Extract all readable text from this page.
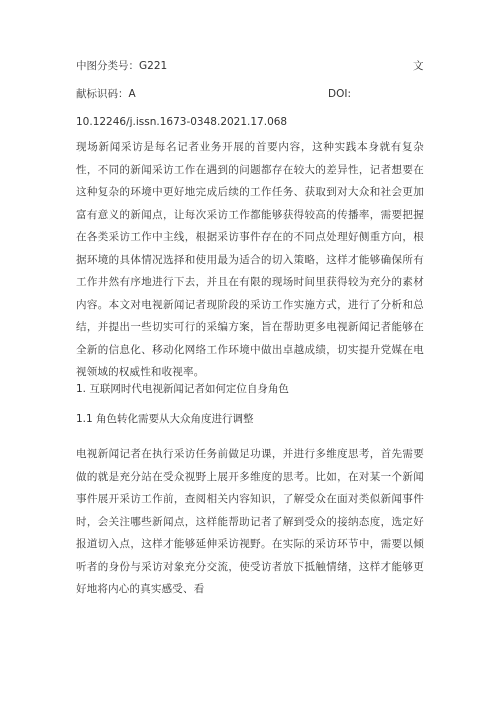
中图分类号：G221	文
献标识码：A	DOI:
10.12246/j.issn.1673-0348.2021.17.068

现场新闻采访是每名记者业务开展的首要内容，这种实践本身就有复杂性，不同的新闻采访工作在遇到的问题都存在较大的差异性，记者想要在这种复杂的环境中更好地完成后续的工作任务、获取到对大众和社会更加富有意义的新闻点，让每次采访工作都能够获得较高的传播率，需要把握在各类采访工作中主线，根据采访事件存在的不同点处理好侧重方向，根据环境的具体情况选择和使用最为适合的切入策略，这样才能够确保所有工作井然有序地进行下去，并且在有限的现场时间里获得较为充分的素材内容。本文对电视新闻记者现阶段的采访工作实施方式，进行了分析和总结，并提出一些切实可行的采编方案，旨在帮助更多电视新闻记者能够在全新的信息化、移动化网络工作环境中做出卓越成绩，切实提升党媒在电视领域的权威性和收视率。

1. 互联网时代电视新闻记者如何定位自身角色
1.1 角色转化需要从大众角度进行调整

电视新闻记者在执行采访任务前做足功课，并进行多维度思考，首先需要做的就是充分站在受众视野上展开多维度的思考。比如，在对某一个新闻事件展开采访工作前，查阅相关内容知识，了解受众在面对类似新闻事件时，会关注哪些新闻点，这样能帮助记者了解到受众的接纳态度，选定好报道切入点，这样才能够延伸采访视野。在实际的采访环节中，需要以倾听者的身份与采访对象充分交流，使受访者放下抵触情绪，这样才能够更好地将内心的真实感受、看
